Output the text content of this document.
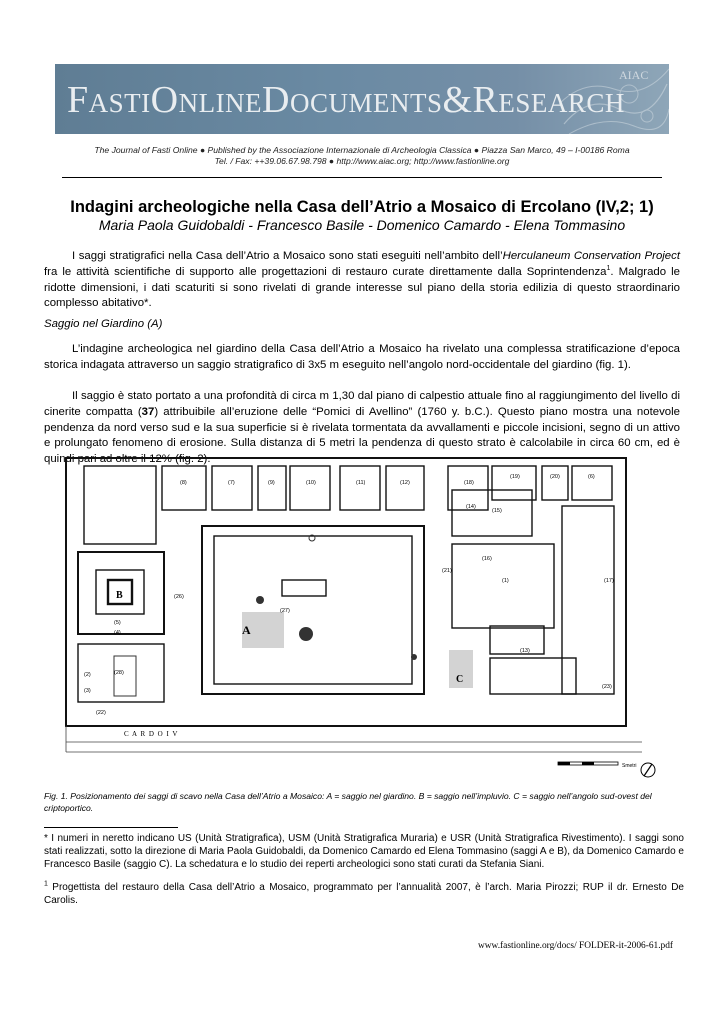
FastiOnlineDocuments&Research
AIAC
The Journal of Fasti Online ● Published by the Associazione Internazionale di Archeologia Classica ● Piazza San Marco, 49 – I-00186 Roma
Tel. / Fax: ++39.06.67.98.798 ● http://www.aiac.org; http://www.fastionline.org
Indagini archeologiche nella Casa dell’Atrio a Mosaico di Ercolano (IV,2; 1)
Maria Paola Guidobaldi - Francesco Basile - Domenico Camardo - Elena Tommasino
I saggi stratigrafici nella Casa dell’Atrio a Mosaico sono stati eseguiti nell’ambito dell’Herculaneum Conservation Project fra le attività scientifiche di supporto alle progettazioni di restauro curate direttamente dalla Soprintendenza$^1$. Malgrado le ridotte dimensioni, i dati scaturiti si sono rivelati di grande interesse sul piano della storia edilizia di questo straordinario complesso abitativo*.
Saggio nel Giardino (A)
L’indagine archeologica nel giardino della Casa dell’Atrio a Mosaico ha rivelato una complessa stratificazione d’epoca storica indagata attraverso un saggio stratigrafico di 3x5 m eseguito nell’angolo nord-occidentale del giardino (fig. 1).
Il saggio è stato portato a una profondità di circa m 1,30 dal piano di calpestio attuale fino al raggiungimento del livello di cinerite compatta (37) attribuibile all’eruzione delle “Pomici di Avellino” (1760 y. b.C.). Questo piano mostra una notevole pendenza da nord verso sud e la sua superficie si è rivelata tormentata da avvallamenti e piccole incisioni, segno di un attivo e prolungato fenomeno di erosione. Sulla distanza di 5 metri la pendenza di questo strato è calcolabile in circa 60 cm, ed è quindi pari ad oltre il 12% (fig. 2).
A
B
C
C A R D O I V
Smetri
(8)	(7)	(9)	(10)	(11)	(12)	(18)
(19)	(20)	(6)
(5)
(4)
(28)
(26)
(27)
(21)
(17)
(13)
(14)
(15)
(16)
(1)
(2)
(3)
(22)
(23)
Fig. 1. Posizionamento dei saggi di scavo nella Casa dell’Atrio a Mosaico: A = saggio nel giardino. B = saggio nell’impluvio. C = saggio nell’angolo sud-ovest del criptoportico.
* I numeri in neretto indicano US (Unità Stratigrafica), USM (Unità Stratigrafica Muraria) e USR (Unità Stratigrafica Rivestimento). I saggi sono stati realizzati, sotto la direzione di Maria Paola Guidobaldi, da Domenico Camardo ed Elena Tommasino (saggi A e B), da Domenico Camardo e Francesco Basile (saggio C). La schedatura e lo studio dei reperti archeologici sono stati curati da Stefania Siani.
$^1$ Progettista del restauro della Casa dell’Atrio a Mosaico, programmato per l’annualità 2007, è l’arch. Maria Pirozzi; RUP il dr. Ernesto De Carolis.
www.fastionline.org/docs/ FOLDER-it-2006-61.pdf
